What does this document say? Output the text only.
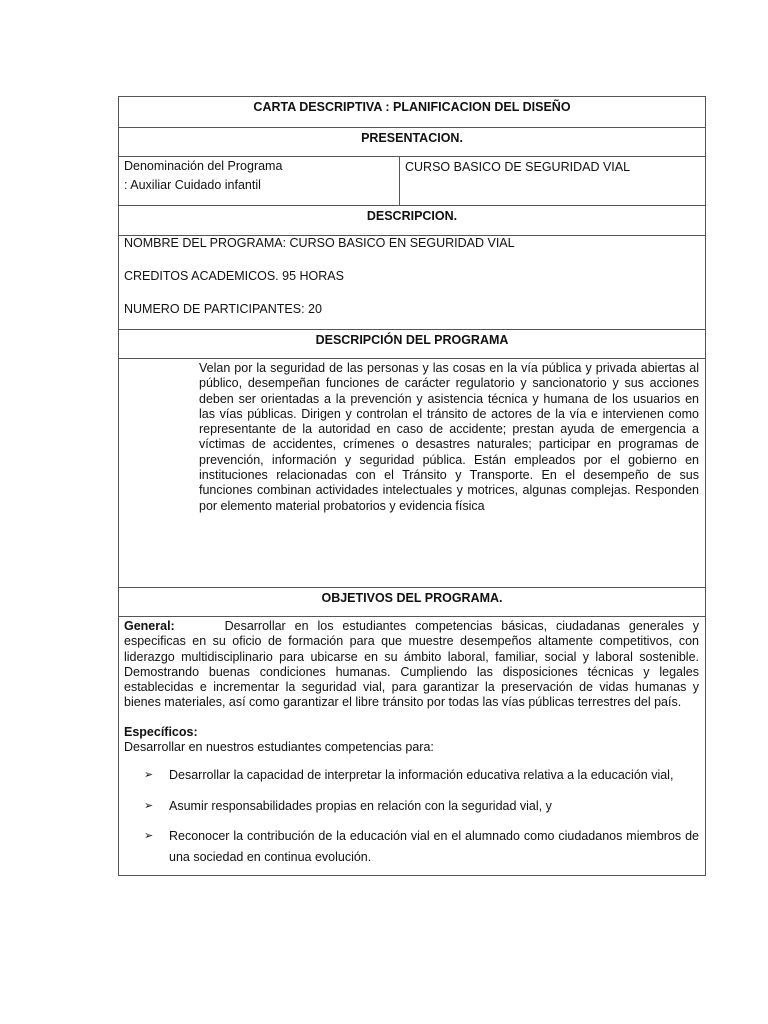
CARTA DESCRIPTIVA : PLANIFICACION DEL DISEÑO
PRESENTACION.
Denominación del Programa
: Auxiliar Cuidado infantil
CURSO BASICO DE SEGURIDAD VIAL
DESCRIPCION.

NOMBRE DEL PROGRAMA: CURSO BASICO EN SEGURIDAD VIAL

CREDITOS ACADEMICOS. 95 HORAS

NUMERO DE PARTICIPANTES: 20

DESCRIPCIÓN DEL PROGRAMA
Velan por la seguridad de las personas y las cosas en la vía pública y privada abiertas al público, desempeñan funciones de carácter regulatorio y sancionatorio y sus acciones deben ser orientadas a la prevención y asistencia técnica y humana de los usuarios en las vías públicas. Dirigen y controlan el tránsito de actores de la vía e intervienen como representante de la autoridad en caso de accidente; prestan ayuda de emergencia a víctimas de accidentes, crímenes o desastres naturales; participar en programas de prevención, información y seguridad pública. Están empleados por el gobierno en instituciones relacionadas con el Tránsito y Transporte. En el desempeño de sus funciones combinan actividades intelectuales y motrices, algunas complejas. Responden por elemento material probatorios y evidencia física
OBJETIVOS DEL PROGRAMA.
General:	Desarrollar en los estudiantes competencias básicas, ciudadanas generales y especificas en su oficio de formación para que muestre desempeños altamente competitivos, con liderazgo multidisciplinario para ubicarse en su ámbito laboral, familiar, social y laboral sostenible. Demostrando buenas condiciones humanas. Cumpliendo las disposiciones técnicas y legales establecidas e incrementar la seguridad vial, para garantizar la preservación de vidas humanas y bienes materiales, así como garantizar el libre tránsito por todas las vías públicas terrestres del país.
Específicos:
Desarrollar en nuestros estudiantes competencias para:
➢ Desarrollar la capacidad de interpretar la información educativa relativa a la educación vial,
➢ Asumir responsabilidades propias en relación con la seguridad vial, y
➢ Reconocer la contribución de la educación vial en el alumnado como ciudadanos miembros de una sociedad en continua evolución.
